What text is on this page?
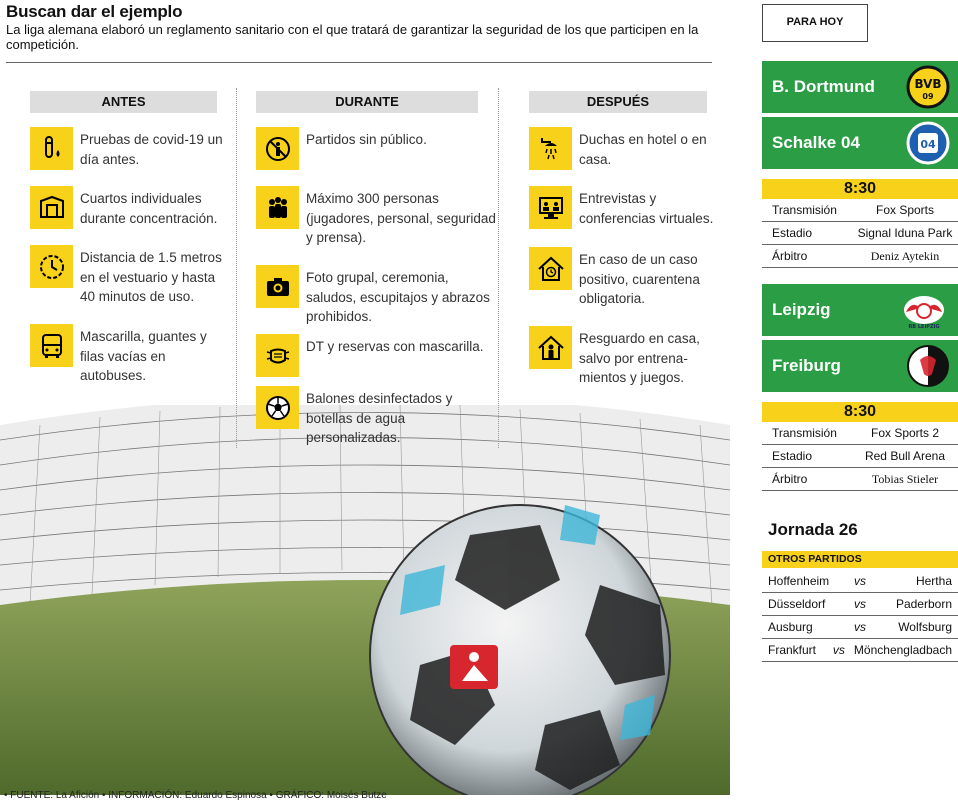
Buscan dar el ejemplo
La liga alemana elaboró un reglamento sanitario con el que tratará de garantizar la seguridad de los que participen en la competición.
ANTES	DURANTE	DESPUÉS
Pruebas de covid-19 un día antes.
Cuartos individuales durante concentración.
Distancia de 1.5 metros en el vestuario y hasta 40 minutos de uso.
Mascarilla, guantes y filas vacías en autobuses.
Partidos sin público.
Máximo 300 personas (jugadores, personal, seguridad y prensa).
Foto grupal, ceremonia, saludos, escupitajos y abrazos prohibidos.
DT y reservas con mascarilla.
Balones desinfectados y botellas de agua personalizadas.
Duchas en hotel o en casa.
Entrevistas y conferencias virtuales.
En caso de un caso positivo, cuarentena obligatoria.
Resguardo en casa, salvo por entrena-mientos y juegos.
• FUENTE: La Afición • INFORMACIÓN: Eduardo Espinosa • GRÁFICO: Moisés Butze
PARA HOY
B. Dortmund	BVB
09
Schalke 04	04
8:30
Transmisión	Fox Sports
Estadio	Signal Iduna Park
Árbitro	Deniz Aytekin
Leipzig
RB LEIPZIG
Freiburg
8:30
Transmisión	Fox Sports 2
Estadio	Red Bull Arena
Árbitro	Tobias Stieler
Jornada 26
OTROS PARTIDOS
Hoffenheim	vs	Hertha
Düsseldorf	vs	Paderborn
Ausburg	vs	Wolfsburg
Frankfurt	vs Mönchengladbach
